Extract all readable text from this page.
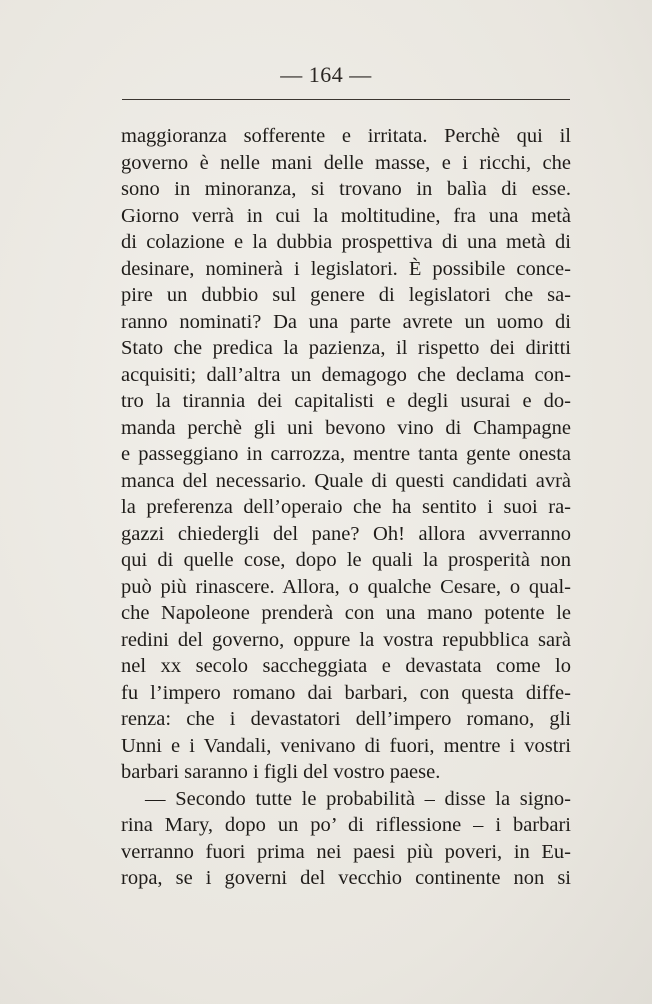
— 164 —
maggioranza sofferente e irritata. Perchè qui il
governo è nelle mani delle masse, e i ricchi, che
sono in minoranza, si trovano in balìa di esse.
Giorno verrà in cui la moltitudine, fra una metà
di colazione e la dubbia prospettiva di una metà di
desinare, nominerà i legislatori. È possibile conce-
pire un dubbio sul genere di legislatori che sa-
ranno nominati? Da una parte avrete un uomo di
Stato che predica la pazienza, il rispetto dei diritti
acquisiti; dall’altra un demagogo che declama con-
tro la tirannia dei capitalisti e degli usurai e do-
manda perchè gli uni bevono vino di Champagne
e passeggiano in carrozza, mentre tanta gente onesta
manca del necessario. Quale di questi candidati avrà
la preferenza dell’operaio che ha sentito i suoi ra-
gazzi chiedergli del pane? Oh! allora avverranno
qui di quelle cose, dopo le quali la prosperità non
può più rinascere. Allora, o qualche Cesare, o qual-
che Napoleone prenderà con una mano potente le
redini del governo, oppure la vostra repubblica sarà
nel xx secolo saccheggiata e devastata come lo
fu l’impero romano dai barbari, con questa diffe-
renza: che i devastatori dell’impero romano, gli
Unni e i Vandali, venivano di fuori, mentre i vostri
barbari saranno i figli del vostro paese.
— Secondo tutte le probabilità – disse la signo-
rina Mary, dopo un po’ di riflessione – i barbari
verranno fuori prima nei paesi più poveri, in Eu-
ropa, se i governi del vecchio continente non si
